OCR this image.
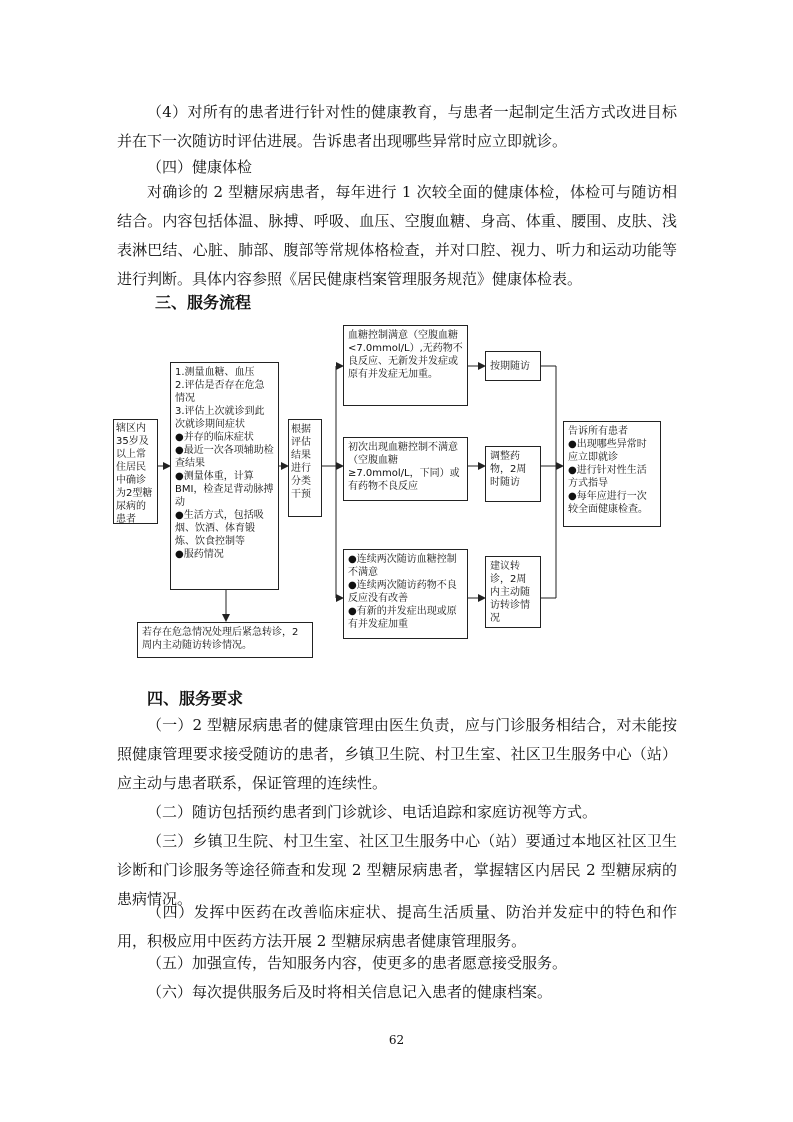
（4）对所有的患者进行针对性的健康教育，与患者一起制定生活方式改进目标并在下一次随访时评估进展。告诉患者出现哪些异常时应立即就诊。
（四）健康体检
对确诊的 2 型糖尿病患者，每年进行 1 次较全面的健康体检，体检可与随访相结合。内容包括体温、脉搏、呼吸、血压、空腹血糖、身高、体重、腰围、皮肤、浅表淋巴结、心脏、肺部、腹部等常规体格检查，并对口腔、视力、听力和运动功能等进行判断。具体内容参照《居民健康档案管理服务规范》健康体检表。
三、服务流程
辖区内35岁及以上常住居民中确诊为2型糖尿病的患者
1.测量血糖、血压
2.评估是否存在危急情况
3.评估上次就诊到此次就诊期间症状
●并存的临床症状
●最近一次各项辅助检查结果
●测量体重，计算BMI，检查足背动脉搏动
●生活方式，包括吸烟、饮酒、体育锻炼、饮食控制等
●服药情况
若存在危急情况处理后紧急转诊，2周内主动随访转诊情况。
根据评估结果进行分类干预
血糖控制满意（空腹血糖<7.0mmol/L）,无药物不良反应、无新发并发症或原有并发症无加重。
初次出现血糖控制不满意（空腹血糖≥7.0mmol/L，下同）或有药物不良反应
●连续两次随访血糖控制不满意
●连续两次随访药物不良反应没有改善
●有新的并发症出现或原有并发症加重
按期随访
调整药物，2周时随访
建议转诊，2周内主动随访转诊情况
告诉所有患者
●出现哪些异常时应立即就诊
●进行针对性生活方式指导
●每年应进行一次较全面健康检查。
四、服务要求
（一）2 型糖尿病患者的健康管理由医生负责，应与门诊服务相结合，对未能按照健康管理要求接受随访的患者，乡镇卫生院、村卫生室、社区卫生服务中心（站）应主动与患者联系，保证管理的连续性。
（二）随访包括预约患者到门诊就诊、电话追踪和家庭访视等方式。
（三）乡镇卫生院、村卫生室、社区卫生服务中心（站）要通过本地区社区卫生诊断和门诊服务等途径筛查和发现 2 型糖尿病患者，掌握辖区内居民 2 型糖尿病的患病情况。
（四）发挥中医药在改善临床症状、提高生活质量、防治并发症中的特色和作用，积极应用中医药方法开展 2 型糖尿病患者健康管理服务。
（五）加强宣传，告知服务内容，使更多的患者愿意接受服务。
（六）每次提供服务后及时将相关信息记入患者的健康档案。
62
